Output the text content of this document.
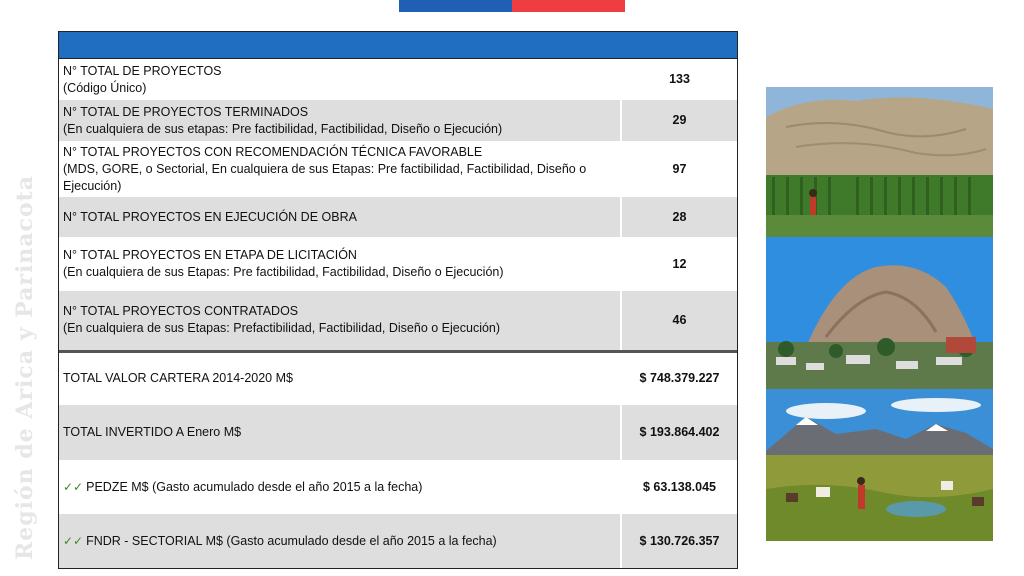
Región de Arica y Parinacota
N° TOTAL DE PROYECTOS
(Código Único)	133

N° TOTAL DE PROYECTOS TERMINADOS
(En cualquiera de sus etapas: Pre factibilidad, Factibilidad, Diseño o Ejecución)	29

N° TOTAL PROYECTOS CON RECOMENDACIÓN TÉCNICA FAVORABLE
(MDS, GORE, o Sectorial, En cualquiera de sus Etapas: Pre factibilidad, Factibilidad, Diseño o Ejecución)	97

N° TOTAL PROYECTOS EN EJECUCIÓN DE OBRA	28

N° TOTAL PROYECTOS EN ETAPA DE LICITACIÓN
(En cualquiera de sus Etapas: Pre factibilidad, Factibilidad, Diseño o Ejecución)	12

N° TOTAL PROYECTOS CONTRATADOS
(En cualquiera de sus Etapas: Prefactibilidad, Factibilidad, Diseño o Ejecución)	46

TOTAL VALOR CARTERA 2014-2020 M$	$ 748.379.227

TOTAL INVERTIDO A Enero M$	$ 193.864.402
✓✓ PEDZE M$ (Gasto acumulado desde el año 2015 a la fecha)	$ 63.138.045
✓✓ FNDR - SECTORIAL M$ (Gasto acumulado desde el año 2015 a la fecha)	$ 130.726.357
